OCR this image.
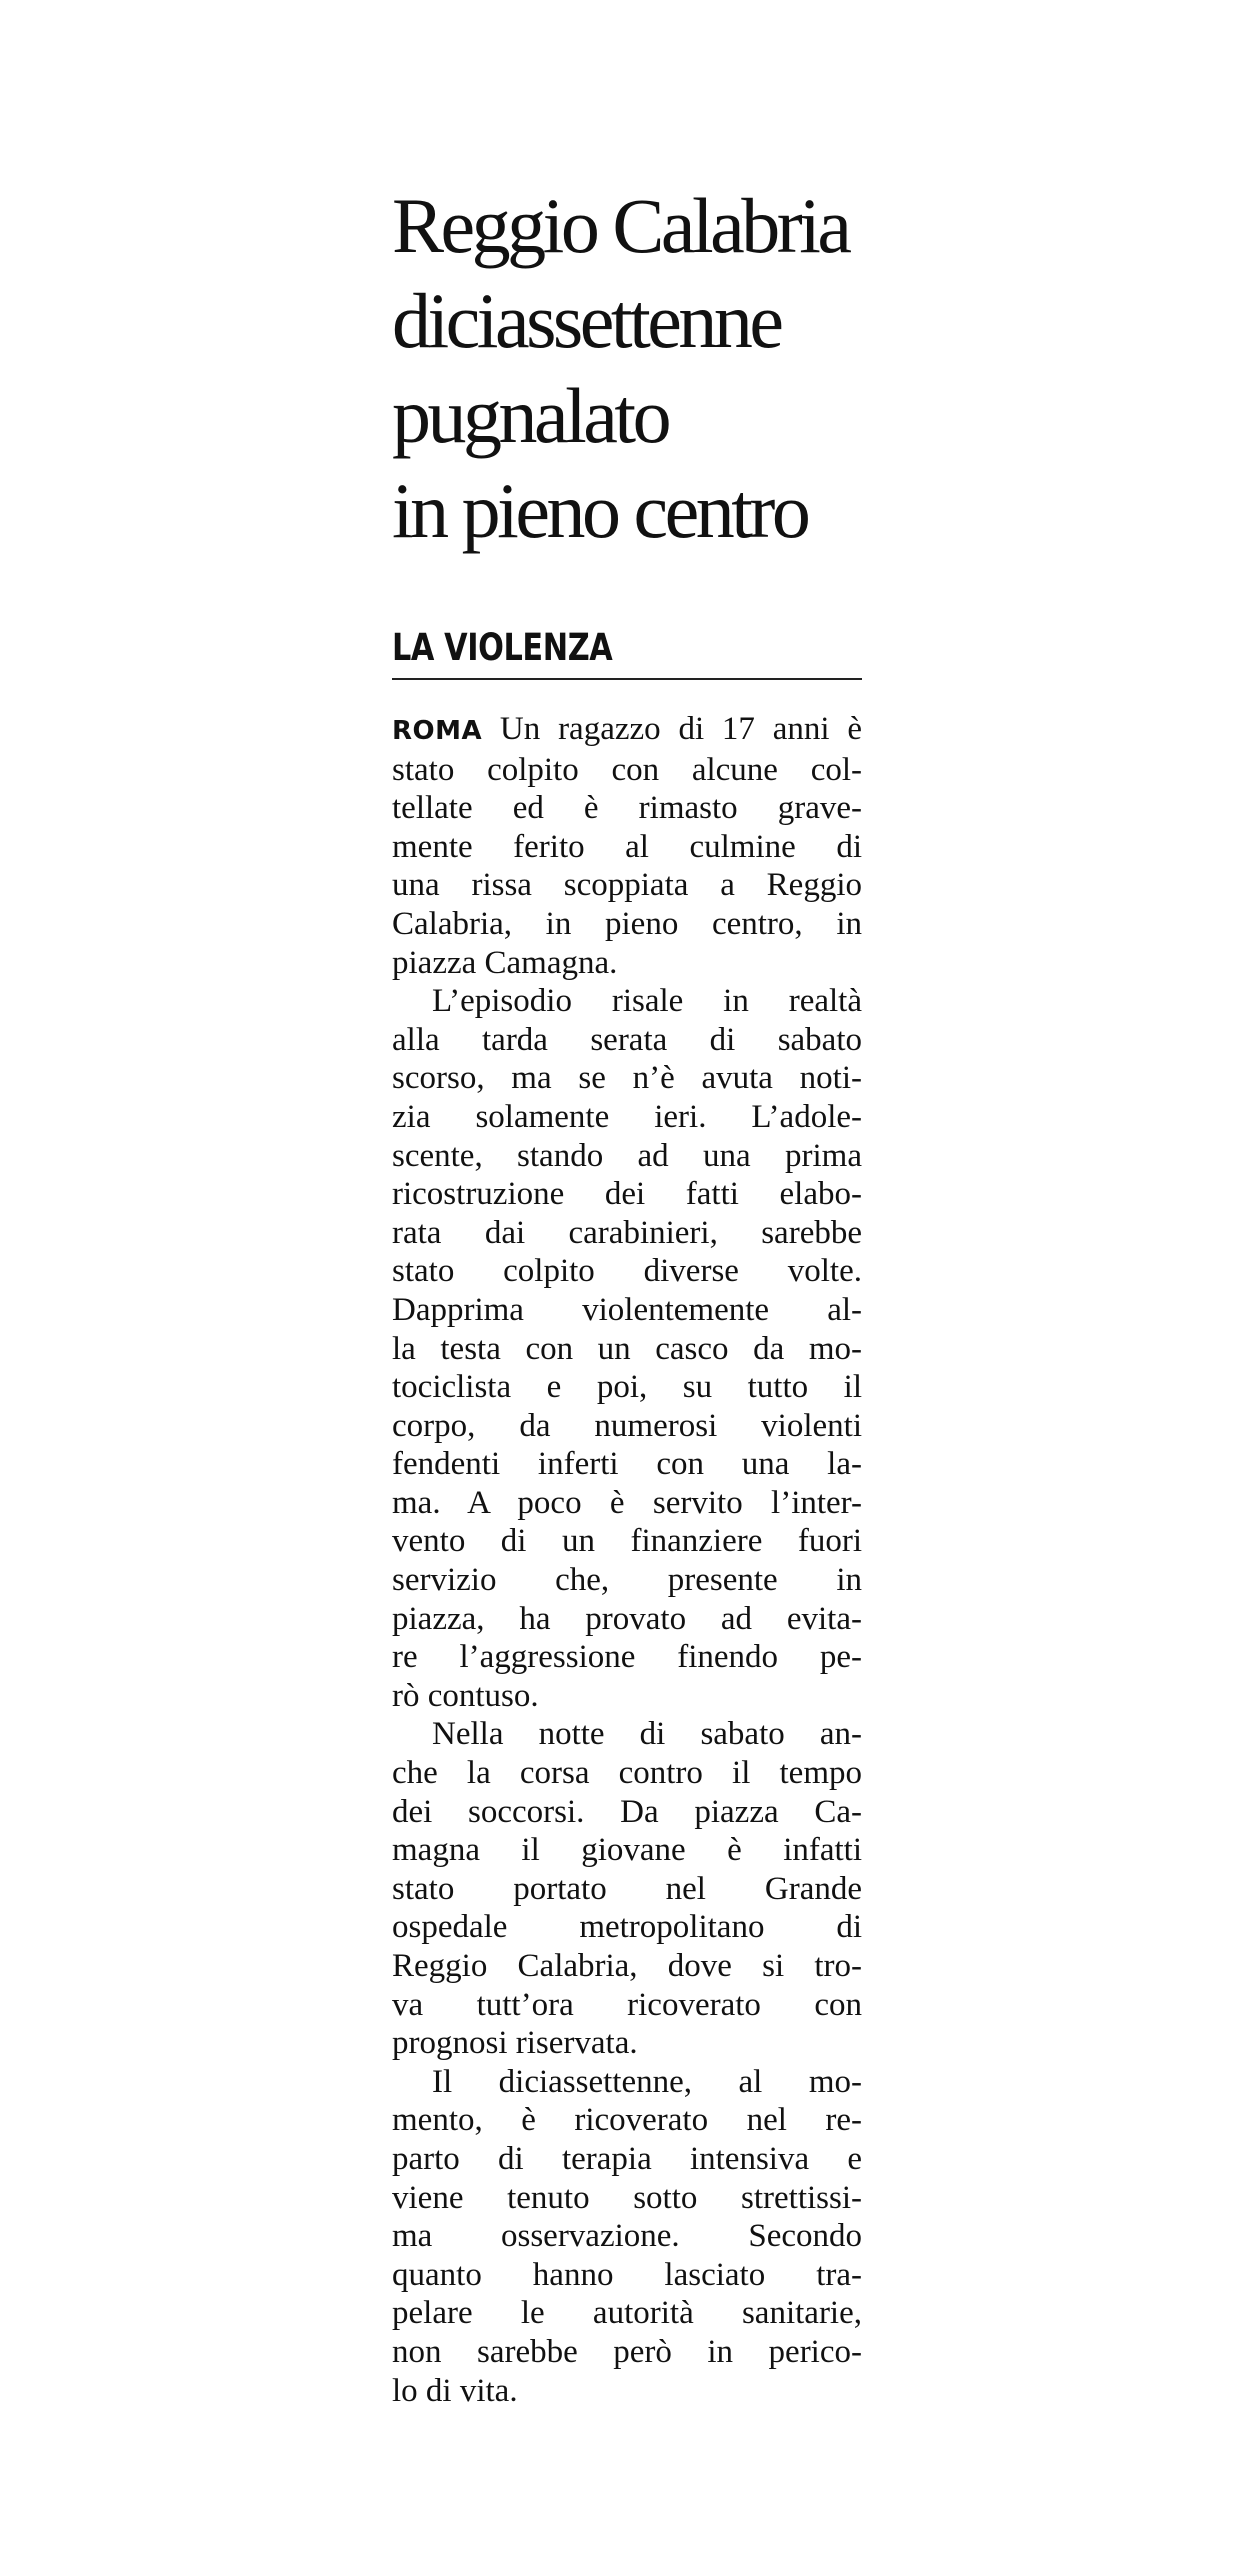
Reggio Calabria
diciassettenne
pugnalato
in pieno centro
LA VIOLENZA
ROMA Un ragazzo di 17 anni è
stato colpito con alcune col-
tellate ed è rimasto grave-
mente ferito al culmine di
una rissa scoppiata a Reggio
Calabria, in pieno centro, in
piazza Camagna.
L’episodio risale in realtà
alla tarda serata di sabato
scorso, ma se n’è avuta noti-
zia solamente ieri. L’adole-
scente, stando ad una prima
ricostruzione dei fatti elabo-
rata dai carabinieri, sarebbe
stato colpito diverse volte.
Dapprima violentemente al-
la testa con un casco da mo-
tociclista e poi, su tutto il
corpo, da numerosi violenti
fendenti inferti con una la-
ma. A poco è servito l’inter-
vento di un finanziere fuori
servizio che, presente in
piazza, ha provato ad evita-
re l’aggressione finendo pe-
rò contuso.
Nella notte di sabato an-
che la corsa contro il tempo
dei soccorsi. Da piazza Ca-
magna il giovane è infatti
stato portato nel Grande
ospedale metropolitano di
Reggio Calabria, dove si tro-
va tutt’ora ricoverato con
prognosi riservata.
Il diciassettenne, al mo-
mento, è ricoverato nel re-
parto di terapia intensiva e
viene tenuto sotto strettissi-
ma osservazione. Secondo
quanto hanno lasciato tra-
pelare le autorità sanitarie,
non sarebbe però in perico-
lo di vita.
